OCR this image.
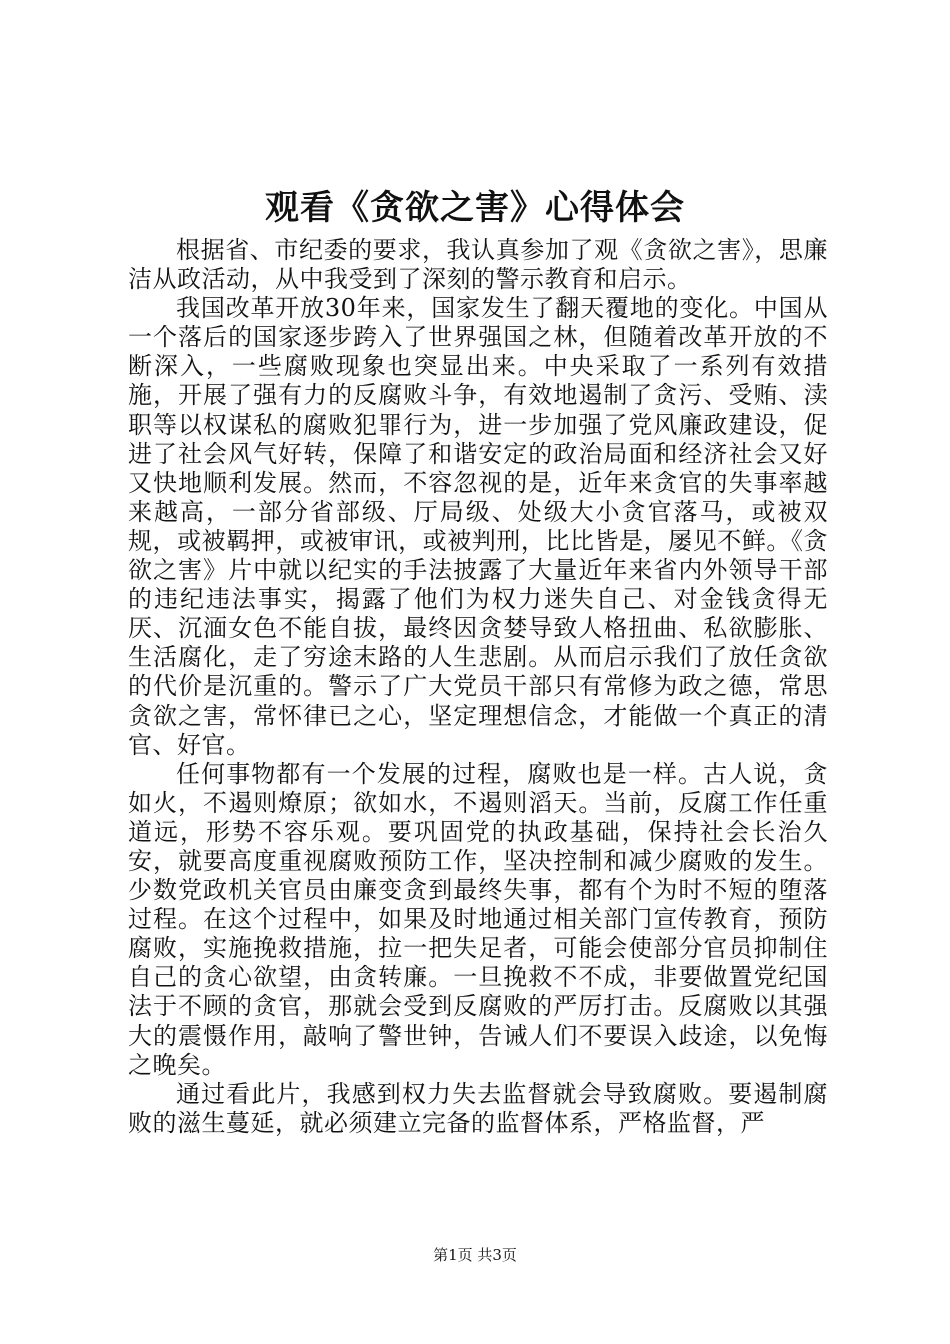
观看《贪欲之害》心得体会

根据省、市纪委的要求，我认真参加了观《贪欲之害》，思廉洁从政活动，从中我受到了深刻的警示教育和启示。

我国改革开放30年来，国家发生了翻天覆地的变化。中国从一个落后的国家逐步跨入了世界强国之林，但随着改革开放的不断深入，一些腐败现象也突显出来。中央采取了一系列有效措施，开展了强有力的反腐败斗争，有效地遏制了贪污、受贿、渎职等以权谋私的腐败犯罪行为，进一步加强了党风廉政建设，促进了社会风气好转，保障了和谐安定的政治局面和经济社会又好又快地顺利发展。然而，不容忽视的是，近年来贪官的失事率越来越高，一部分省部级、厅局级、处级大小贪官落马，或被双规，或被羁押，或被审讯，或被判刑，比比皆是，屡见不鲜。《贪欲之害》片中就以纪实的手法披露了大量近年来省内外领导干部的违纪违法事实，揭露了他们为权力迷失自己、对金钱贪得无厌、沉湎女色不能自拔，最终因贪婪导致人格扭曲、私欲膨胀、生活腐化，走了穷途末路的人生悲剧。从而启示我们了放任贪欲的代价是沉重的。警示了广大党员干部只有常修为政之德，常思贪欲之害，常怀律已之心，坚定理想信念，才能做一个真正的清官、好官。

任何事物都有一个发展的过程，腐败也是一样。古人说，贪如火，不遏则燎原；欲如水，不遏则滔天。当前，反腐工作任重道远，形势不容乐观。要巩固党的执政基础，保持社会长治久安，就要高度重视腐败预防工作，坚决控制和减少腐败的发生。少数党政机关官员由廉变贪到最终失事，都有个为时不短的堕落过程。在这个过程中，如果及时地通过相关部门宣传教育，预防腐败，实施挽救措施，拉一把失足者，可能会使部分官员抑制住自己的贪心欲望，由贪转廉。一旦挽救不不成，非要做置党纪国法于不顾的贪官，那就会受到反腐败的严厉打击。反腐败以其强大的震慑作用，敲响了警世钟，告诫人们不要误入歧途，以免悔之晚矣。

通过看此片，我感到权力失去监督就会导致腐败。要遏制腐败的滋生蔓延，就必须建立完备的监督体系，严格监督，严

第1页 共3页
